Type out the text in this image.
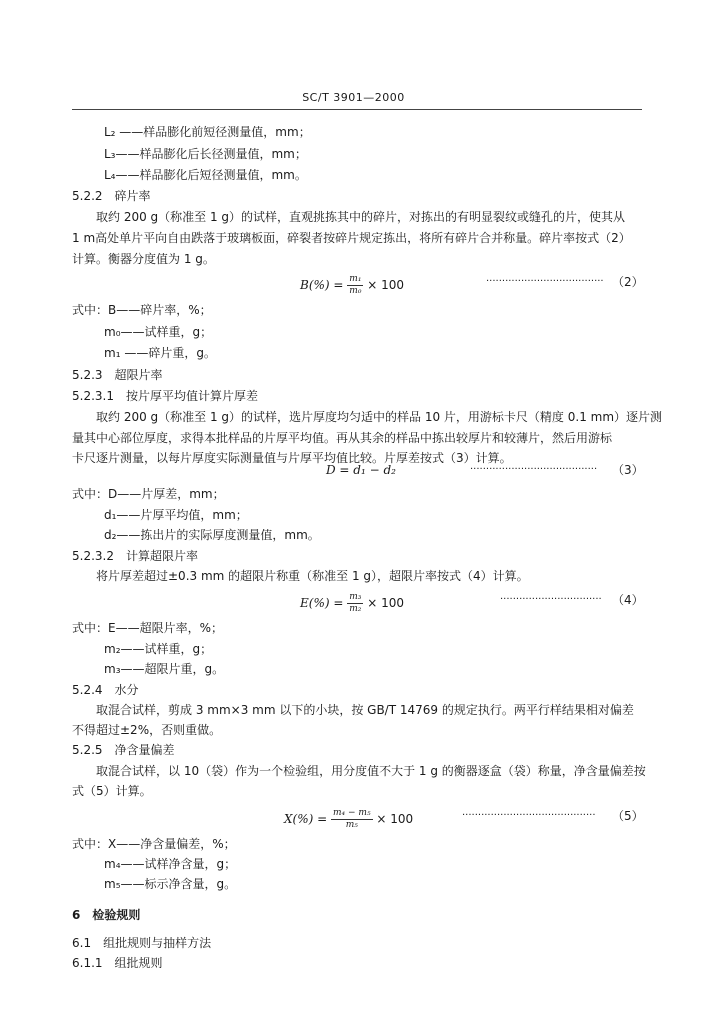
SC/T 3901—2000
L₂ ——样品膨化前短径测量值，mm；
L₃——样品膨化后长径测量值，mm；
L₄——样品膨化后短径测量值，mm。
5.2.2　碎片率
取约 200 g（称准至 1 g）的试样，直观挑拣其中的碎片，对拣出的有明显裂纹或缝孔的片，使其从
1 m高处单片平向自由跌落于玻璃板面，碎裂者按碎片规定拣出，将所有碎片合并称量。碎片率按式（2）
计算。衡器分度值为 1 g。
$B(\%) = \frac{\text{m₁}}{\text{m₀}} \times 100$	····································· （2）
式中：B——碎片率，%；
m₀——试样重，g；
m₁ ——碎片重，g。
5.2.3　超限片率
5.2.3.1　按片厚平均值计算片厚差
取约 200 g（称准至 1 g）的试样，选片厚度均匀适中的样品 10 片，用游标卡尺（精度 0.1 mm）逐片测
量其中心部位厚度，求得本批样品的片厚平均值。再从其余的样品中拣出较厚片和较薄片，然后用游标
卡尺逐片测量，以每片厚度实际测量值与片厚平均值比较。片厚差按式（3）计算。
D = d₁ − d₂	········································ （3）
式中：D——片厚差，mm；
d₁——片厚平均值，mm；
d₂——拣出片的实际厚度测量值，mm。
5.2.3.2　计算超限片率
将片厚差超过±0.3 mm 的超限片称重（称准至 1 g），超限片率按式（4）计算。
$E(\%) = \frac{\text{m₃}}{\text{m₂}} \times 100$	································ （4）
式中：E——超限片率，%；
m₂——试样重，g；
m₃——超限片重，g。
5.2.4　水分
取混合试样，剪成 3 mm×3 mm 以下的小块，按 GB/T 14769 的规定执行。两平行样结果相对偏差
不得超过±2%，否则重做。
5.2.5　净含量偏差
取混合试样，以 10（袋）作为一个检验组，用分度值不大于 1 g 的衡器逐盒（袋）称量，净含量偏差按
式（5）计算。
$X(\%) = \frac{\text{m₄ − m₅}}{\text{m₅}} \times 100$	·········································· （5）
式中：X——净含量偏差，%；
m₄——试样净含量，g；
m₅——标示净含量，g。
6　检验规则
6.1　组批规则与抽样方法
6.1.1　组批规则
